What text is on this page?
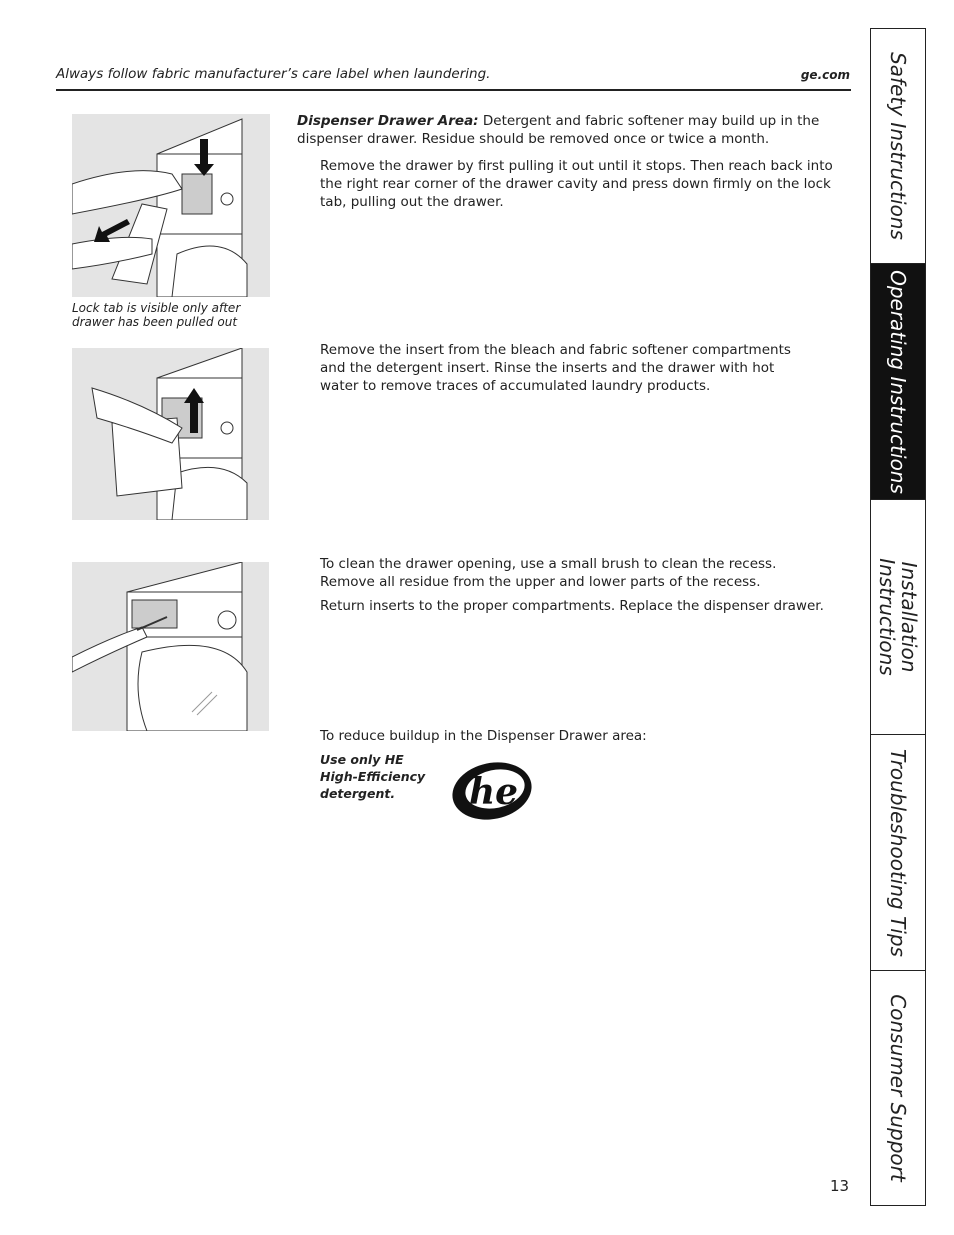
Always follow fabric manufacturer’s care label when laundering.	ge.com
Lock tab is visible only after drawer has been pulled out
Dispenser Drawer Area: Detergent and fabric softener may build up in the dispenser drawer. Residue should be removed once or twice a month.
Remove the drawer by first pulling it out until it stops. Then reach back into the right rear corner of the drawer cavity and press down firmly on the lock tab, pulling out the drawer.
Remove the insert from the bleach and fabric softener compartments and the detergent insert. Rinse the inserts and the drawer with hot water to remove traces of accumulated laundry products.
To clean the drawer opening, use a small brush to clean the recess. Remove all residue from the upper and lower parts of the recess.
Return inserts to the proper compartments. Replace the dispenser drawer.
To reduce buildup in the Dispenser Drawer area:
Use only HE High-Efficiency detergent.	he
13
Safety Instructions
Operating Instructions
Installation Instructions
Troubleshooting Tips
Consumer Support
